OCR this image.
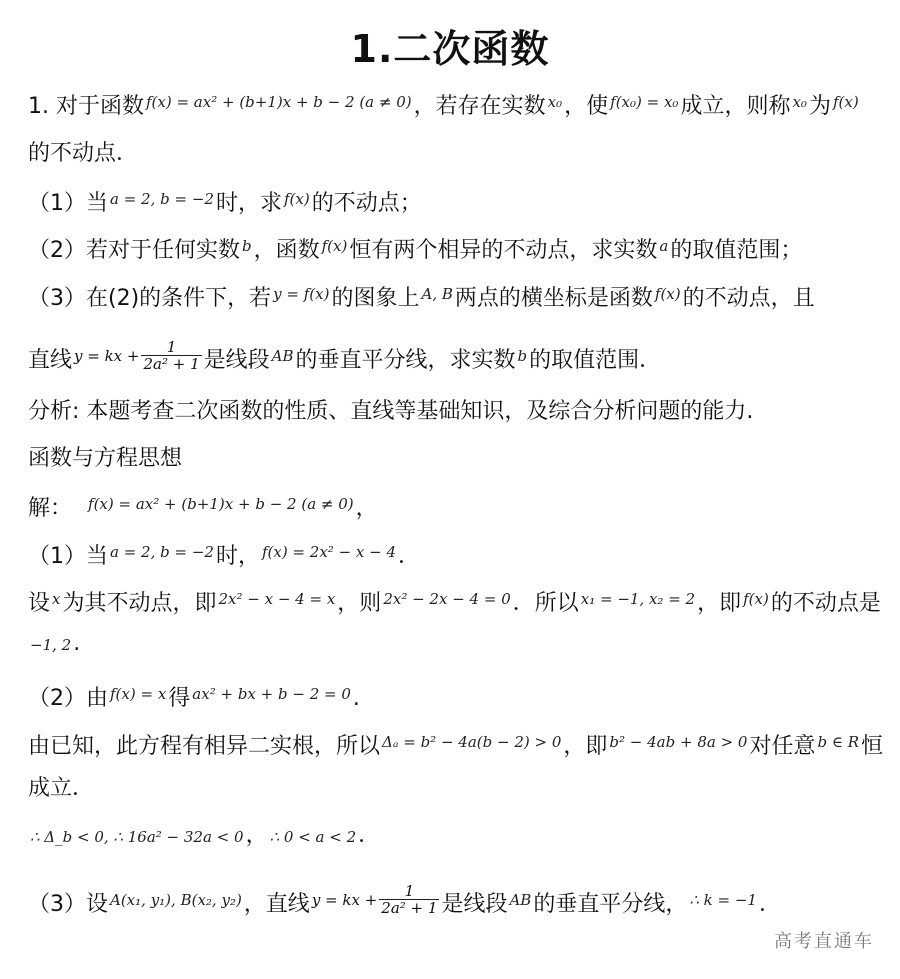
1.二次函数
1. 对于函数 $^{f(x) = ax^2 + (b+1)x + b - 2 (a \ne 0)}$，若存在实数 $^{x_0}$，使 $^{f(x_0) = x_0}$成立，则称 $^{x_0}$为 $^{f(x)}$
的不动点．
（1）当 $^{a = 2, b = -2}$时，求 $^{f(x)}$的不动点；
（2）若对于任何实数 $^b$，函数 $^{f(x)}$恒有两个相异的不动点，求实数 $^a$的取值范围；
（3）在(2)的条件下，若 $^{y = f(x)}$的图象上 $^{A, B}$两点的横坐标是函数 $^{f(x)}$的不动点，且
直线 $^{y = kx +} \frac{1}{\text{2a² + 1}}$ 是线段 $^{AB}$的垂直平分线，求实数 $^b$的取值范围．
分析: 本题考查二次函数的性质、直线等基础知识，及综合分析问题的能力.
函数与方程思想
解： $^{f(x) = ax^2 + (b+1)x + b - 2 (a \ne 0)}$，
（1）当 $^{a = 2, b = -2}$时， $^{f(x) = 2x^2 - x - 4}$．
设 $^x$为其不动点，即 $^{2x^2 - x - 4 = x}$，则 $^{2x^2 - 2x - 4 = 0}$．所以 $^{x_1 = -1, x_2 = 2}$，即 $^{f(x)}$的不动点是
−1, 2.
（2）由 $^{f(x) = x}$得 $^{ax^2 + bx + b - 2 = 0}$.
由已知，此方程有相异二实根，所以 $^{\Delta_a = b^2 - 4a(b - 2) > 0}$，即 $^{b^2 - 4ab + 8a > 0}$对任意 $^{b \in R}$恒
成立．
∴ Δ_b < 0, ∴ 16a² − 32a < 0， ∴ 0 < a < 2．
（3）设 $^{A(x_1, y_1), B(x_2, y_2)}$，直线 $^{y = kx +} \frac{1}{\text{2a² + 1}}$ 是线段 $^{AB}$的垂直平分线， $^{\therefore k = -1}$．
高考直通车
